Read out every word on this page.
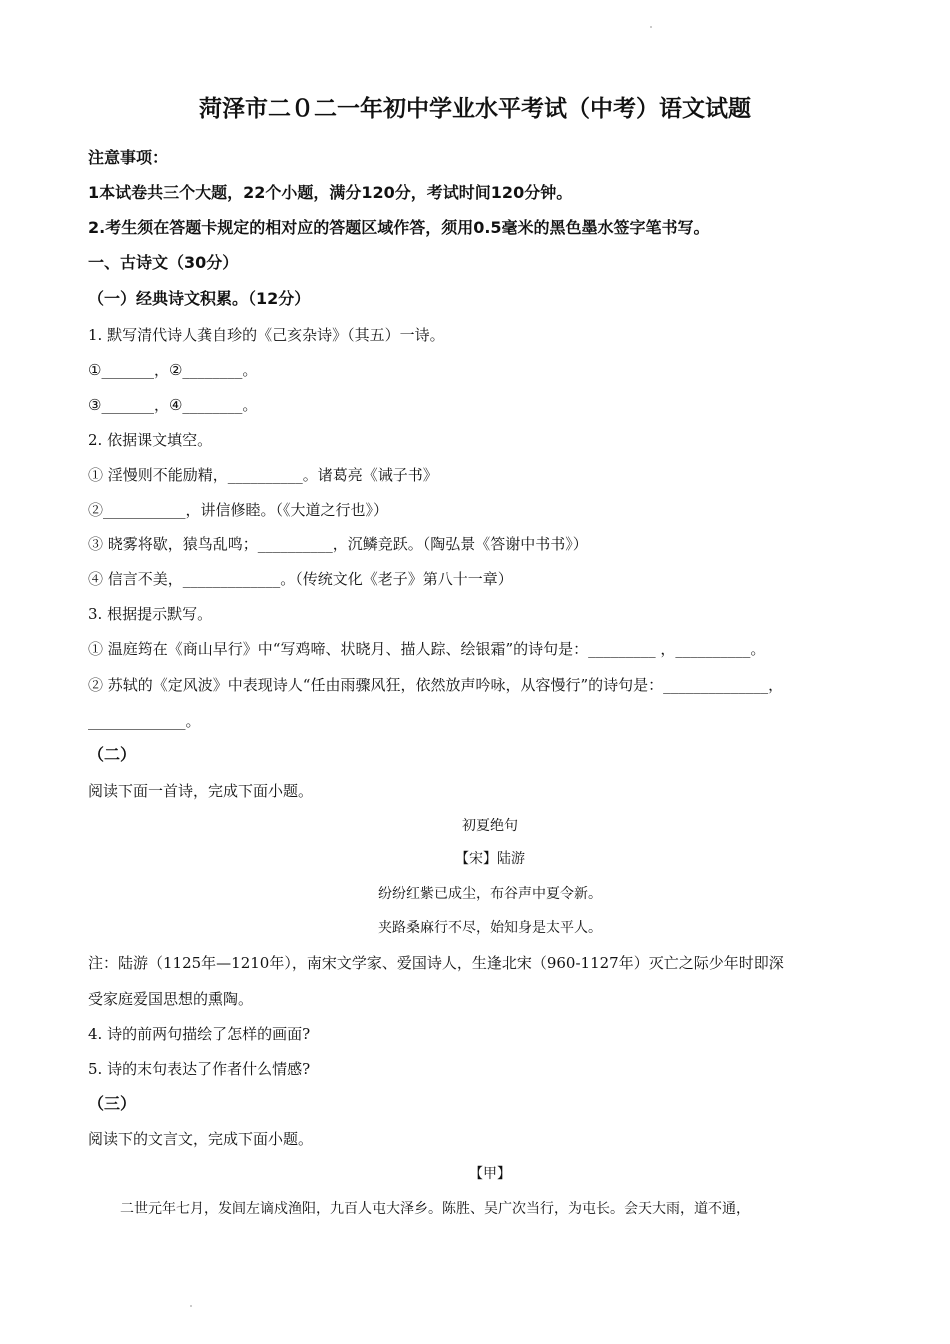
菏泽市二０二一年初中学业水平考试（中考）语文试题
注意事项：
1本试卷共三个大题，22个小题，满分120分，考试时间120分钟。
2.考生须在答题卡规定的相对应的答题区域作答，须用0.5毫米的黑色墨水签字笔书写。
一、古诗文（30分）
（一）经典诗文积累。（12分）
1. 默写清代诗人龚自珍的《己亥杂诗》（其五）一诗。
①_______，②________。
③_______，④________。
2. 依据课文填空。
① 淫慢则不能励精，__________。诸葛亮《诫子书》
②___________，讲信修睦。（《大道之行也》）
③ 晓雾将歇，猿鸟乱鸣；__________，沉鳞竞跃。（陶弘景《答谢中书书》）
④ 信言不美，_____________。（传统文化《老子》第八十一章）
3. 根据提示默写。
① 温庭筠在《商山早行》中“写鸡啼、状晓月、描人踪、绘银霜”的诗句是：_________ ，__________。
② 苏轼的《定风波》中表现诗人“任由雨骤风狂，依然放声吟咏，从容慢行”的诗句是：______________，
_____________。
（二）
阅读下面一首诗，完成下面小题。
初夏绝句
【宋】陆游
纷纷红紫已成尘，布谷声中夏令新。
夹路桑麻行不尽，始知身是太平人。
注：陆游（1125年—1210年），南宋文学家、爱国诗人，生逢北宋（960-1127年）灭亡之际少年时即深
受家庭爱国思想的熏陶。
4. 诗的前两句描绘了怎样的画面?
5. 诗的末句表达了作者什么情感?
（三）
阅读下的文言文，完成下面小题。
【甲】
二世元年七月，发闾左谪戍渔阳，九百人屯大泽乡。陈胜、吴广次当行，为屯长。会天大雨，道不通，
